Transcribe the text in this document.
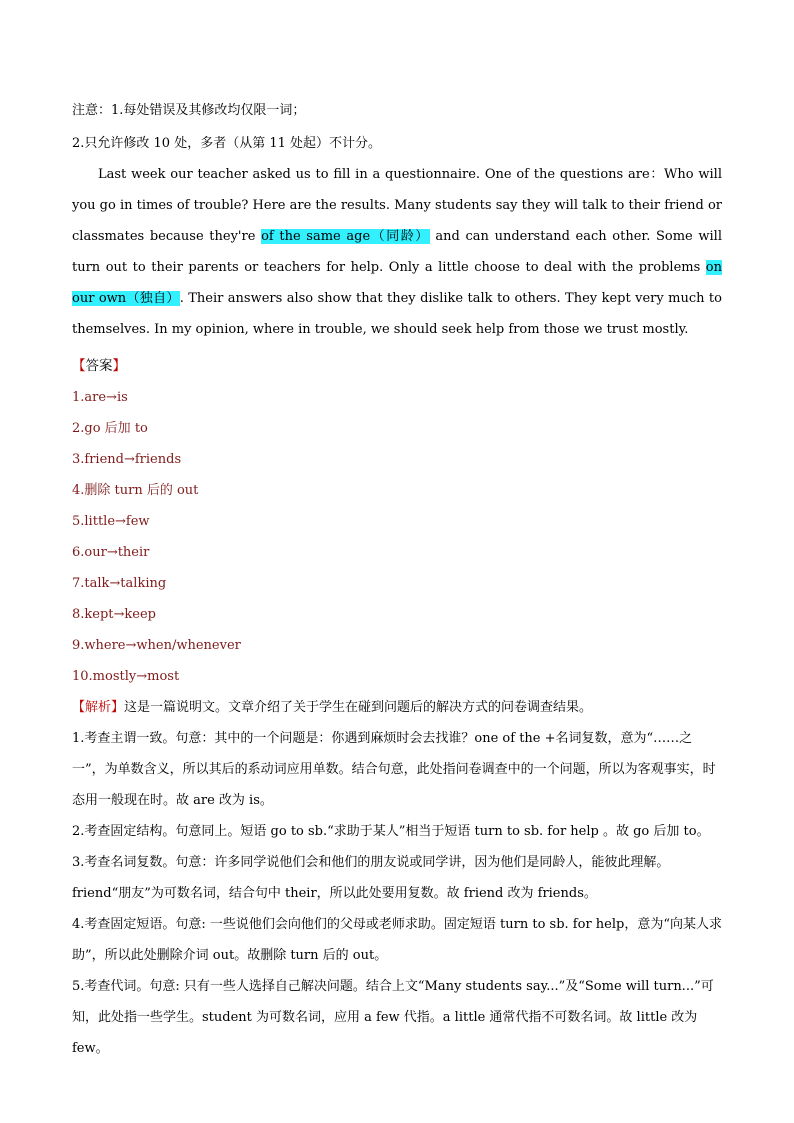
注意：1.每处错误及其修改均仅限一词；
2.只允许修改 10 处，多者（从第 11 处起）不计分。

Last week our teacher asked us to fill in a questionnaire. One of the questions are：Who will you go in times of trouble? Here are the results. Many students say they will talk to their friend or classmates because they're of the same age（同龄） and can understand each other. Some will turn out to their parents or teachers for help. Only a little choose to deal with the problems on our own（独自）. Their answers also show that they dislike talk to others. They kept very much to themselves. In my opinion, where in trouble, we should seek help from those we trust mostly.

【答案】

1.are→is

2.go 后加 to

3.friend→friends

4.删除 turn 后的 out

5.little→few

6.our→their

7.talk→talking

8.kept→keep

9.where→when/whenever

10.mostly→most

【解析】这是一篇说明文。文章介绍了关于学生在碰到问题后的解决方式的问卷调查结果。

1.考查主谓一致。句意：其中的一个问题是：你遇到麻烦时会去找谁？one of the +名词复数，意为“……之一”，为单数含义，所以其后的系动词应用单数。结合句意，此处指问卷调查中的一个问题，所以为客观事实，时态用一般现在时。故 are 改为 is。

2.考查固定结构。句意同上。短语 go to sb.“求助于某人”相当于短语 turn to sb. for help 。故 go 后加 to。

3.考查名词复数。句意：许多同学说他们会和他们的朋友说或同学讲，因为他们是同龄人，能彼此理解。friend“朋友”为可数名词，结合句中 their，所以此处要用复数。故 friend 改为 friends。

4.考查固定短语。句意: 一些说他们会向他们的父母或老师求助。固定短语 turn to sb. for help，意为“向某人求助”，所以此处删除介词 out。故删除 turn 后的 out。

5.考查代词。句意: 只有一些人选择自己解决问题。结合上文“Many students say...”及“Some will turn...”可知，此处指一些学生。student 为可数名词，应用 a few 代指。a little 通常代指不可数名词。故 little 改为 few。
